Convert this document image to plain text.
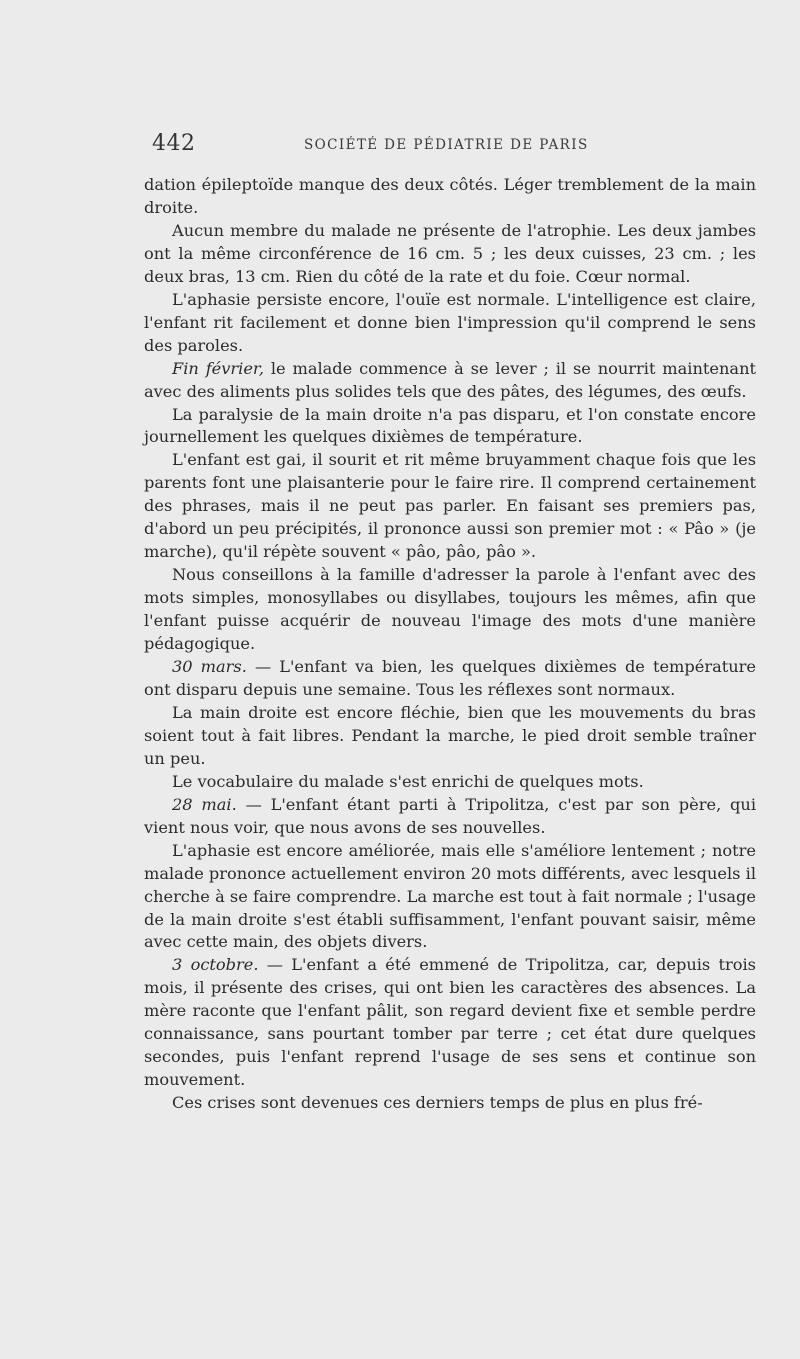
442	SOCIÉTÉ DE PÉDIATRIE DE PARIS

dation épileptoïde manque des deux côtés. Léger tremblement de la main droite.

Aucun membre du malade ne présente de l'atrophie. Les deux jambes ont la même circonférence de 16 cm. 5 ; les deux cuisses, 23 cm. ; les deux bras, 13 cm. Rien du côté de la rate et du foie. Cœur normal.

L'aphasie persiste encore, l'ouïe est normale. L'intelligence est claire, l'enfant rit facilement et donne bien l'impression qu'il comprend le sens des paroles.

Fin février, le malade commence à se lever ; il se nourrit maintenant avec des aliments plus solides tels que des pâtes, des légumes, des œufs.

La paralysie de la main droite n'a pas disparu, et l'on constate encore journellement les quelques dixièmes de température.

L'enfant est gai, il sourit et rit même bruyamment chaque fois que les parents font une plaisanterie pour le faire rire. Il comprend certainement des phrases, mais il ne peut pas parler. En faisant ses premiers pas, d'abord un peu précipités, il prononce aussi son premier mot : « Pâo » (je marche), qu'il répète souvent « pâo, pâo, pâo ».

Nous conseillons à la famille d'adresser la parole à l'enfant avec des mots simples, monosyllabes ou disyllabes, toujours les mêmes, afin que l'enfant puisse acquérir de nouveau l'image des mots d'une manière pédagogique.

30 mars. — L'enfant va bien, les quelques dixièmes de température ont disparu depuis une semaine. Tous les réflexes sont normaux.

La main droite est encore fléchie, bien que les mouvements du bras soient tout à fait libres. Pendant la marche, le pied droit semble traîner un peu.

Le vocabulaire du malade s'est enrichi de quelques mots.

28 mai. — L'enfant étant parti à Tripolitza, c'est par son père, qui vient nous voir, que nous avons de ses nouvelles.

L'aphasie est encore améliorée, mais elle s'améliore lentement ; notre malade prononce actuellement environ 20 mots différents, avec lesquels il cherche à se faire comprendre. La marche est tout à fait normale ; l'usage de la main droite s'est établi suffisamment, l'enfant pouvant saisir, même avec cette main, des objets divers.

3 octobre. — L'enfant a été emmené de Tripolitza, car, depuis trois mois, il présente des crises, qui ont bien les caractères des absences. La mère raconte que l'enfant pâlit, son regard devient fixe et semble perdre connaissance, sans pourtant tomber par terre ; cet état dure quelques secondes, puis l'enfant reprend l'usage de ses sens et continue son mouvement.

Ces crises sont devenues ces derniers temps de plus en plus fré-
